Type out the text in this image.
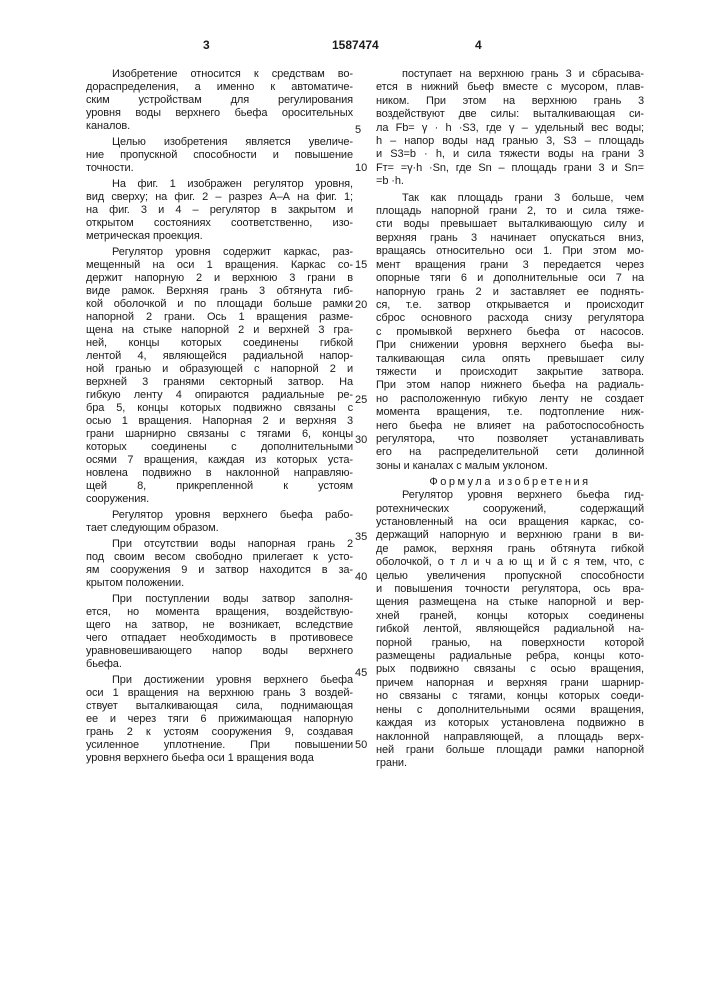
3	1587474	4
Изобретение относится к средствам во-
дораспределения, а именно к автоматиче-
ским устройствам для регулирования
уровня воды верхнего бьефа оросительных
каналов.
Целью изобретения является увеличе-
ние пропускной способности и повышение
точности.
На фиг. 1 изображен регулятор уровня,
вид сверху; на фиг. 2 – разрез А–А на фиг. 1;
на фиг. 3 и 4 – регулятор в закрытом и
открытом состояниях соответственно, изо-
метрическая проекция.
Регулятор уровня содержит каркас, раз-
мещенный на оси 1 вращения. Каркас со-
держит напорную 2 и верхнюю 3 грани в
виде рамок. Верхняя грань 3 обтянута гиб-
кой оболочкой и по площади больше рамки
напорной 2 грани. Ось 1 вращения разме-
щена на стыке напорной 2 и верхней 3 гра-
ней, концы которых соединены гибкой
лентой 4, являющейся радиальной напор-
ной гранью и образующей с напорной 2 и
верхней 3 гранями секторный затвор. На
гибкую ленту 4 опираются радиальные ре-
бра 5, концы которых подвижно связаны с
осью 1 вращения. Напорная 2 и верхняя 3
грани шарнирно связаны с тягами 6, концы
которых соединены с дополнительными
осями 7 вращения, каждая из которых уста-
новлена подвижно в наклонной направляю-
щей 8, прикрепленной к устоям
сооружения.
Регулятор уровня верхнего бьефа рабо-
тает следующим образом.
При отсутствии воды напорная грань 2
под своим весом свободно прилегает к усто-
ям сооружения 9 и затвор находится в за-
крытом положении.
При поступлении воды затвор заполня-
ется, но момента вращения, воздействую-
щего на затвор, не возникает, вследствие
чего отпадает необходимость в противовесе
уравновешивающего напор воды верхнего
бьефа.
При достижении уровня верхнего бьефа
оси 1 вращения на верхнюю грань 3 воздей-
ствует выталкивающая сила, поднимающая
ее и через тяги 6 прижимающая напорную
грань 2 к устоям сооружения 9, создавая
усиленное уплотнение. При повышении
уровня верхнего бьефа оси 1 вращения вода
поступает на верхнюю грань 3 и сбрасыва-
ется в нижний бьеф вместе с мусором, плав-
ником. При этом на верхнюю грань 3
воздействуют две силы: выталкивающая си-
ла Fb= γ · h ·S3, где γ – удельный вес воды;
h – напор воды над гранью 3, S3 – площадь
и S3=b · h, и сила тяжести воды на грани 3
Fт= =γ·h ·Sn, где Sn – площадь грани 3 и Sn=
=b ·h.
Так как площадь грани 3 больше, чем
площадь напорной грани 2, то и сила тяже-
сти воды превышает выталкивающую силу и
верхняя грань 3 начинает опускаться вниз,
вращаясь относительно оси 1. При этом мо-
мент вращения грани 3 передается через
опорные тяги 6 и дополнительные оси 7 на
напорную грань 2 и заставляет ее поднять-
ся, т.е. затвор открывается и происходит
сброс основного расхода снизу регулятора
с промывкой верхнего бьефа от насосов.
При снижении уровня верхнего бьефа вы-
талкивающая сила опять превышает силу
тяжести и происходит закрытие затвора.
При этом напор нижнего бьефа на радиаль-
но расположенную гибкую ленту не создает
момента вращения, т.е. подтопление ниж-
него бьефа не влияет на работоспособность
регулятора, что позволяет устанавливать
его на распределительной сети долинной
зоны и каналах с малым уклоном.
Формула изобретения
Регулятор уровня верхнего бьефа гид-
ротехнических сооружений, содержащий
установленный на оси вращения каркас, со-
держащий напорную и верхнюю грани в ви-
де рамок, верхняя грань обтянута гибкой
оболочкой, о т л и ч а ю щ и й с я тем, что, с
целью увеличения пропускной способности
и повышения точности регулятора, ось вра-
щения размещена на стыке напорной и вер-
хней граней, концы которых соединены
гибкой лентой, являющейся радиальной на-
порной гранью, на поверхности которой
размещены радиальные ребра, концы кото-
рых подвижно связаны с осью вращения,
причем напорная и верхняя грани шарнир-
но связаны с тягами, концы которых соеди-
нены с дополнительными осями вращения,
каждая из которых установлена подвижно в
наклонной направляющей, а площадь верх-
ней грани больше площади рамки напорной
грани.
5
10
15
20
25
30
35
40
45
50
